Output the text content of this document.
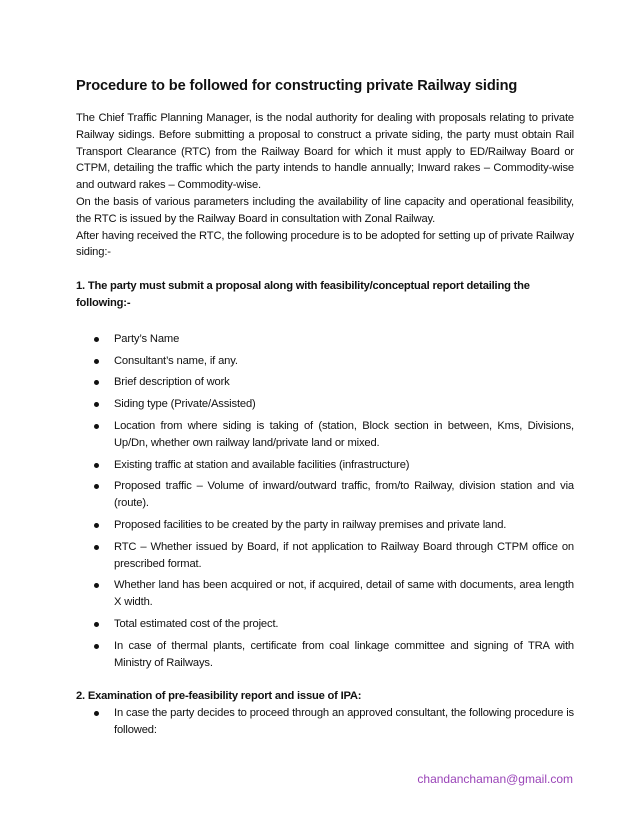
Procedure to be followed for constructing private Railway siding

The Chief Traffic Planning Manager, is the nodal authority for dealing with proposals relating to private Railway sidings. Before submitting a proposal to construct a private siding, the party must obtain Rail Transport Clearance (RTC) from the Railway Board for which it must apply to ED/Railway Board or CTPM, detailing the traffic which the party intends to handle annually; Inward rakes – Commodity-wise and outward rakes – Commodity-wise.

On the basis of various parameters including the availability of line capacity and operational feasibility, the RTC is issued by the Railway Board in consultation with Zonal Railway.

After having received the RTC, the following procedure is to be adopted for setting up of private Railway siding:-

1. The party must submit a proposal along with feasibility/conceptual report detailing the following:-
Party’s Name
Consultant’s name, if any.
Brief description of work
Siding type (Private/Assisted)
Location from where siding is taking of (station, Block section in between, Kms, Divisions, Up/Dn, whether own railway land/private land or mixed.
Existing traffic at station and available facilities (infrastructure)
Proposed traffic – Volume of inward/outward traffic, from/to Railway, division station and via (route).
Proposed facilities to be created by the party in railway premises and private land.
RTC – Whether issued by Board, if not application to Railway Board through CTPM office on prescribed format.
Whether land has been acquired or not, if acquired, detail of same with documents, area length X width.
Total estimated cost of the project.
In case of thermal plants, certificate from coal linkage committee and signing of TRA with Ministry of Railways.
2. Examination of pre-feasibility report and issue of IPA:
In case the party decides to proceed through an approved consultant, the following procedure is followed:
chandanchaman@gmail.com
